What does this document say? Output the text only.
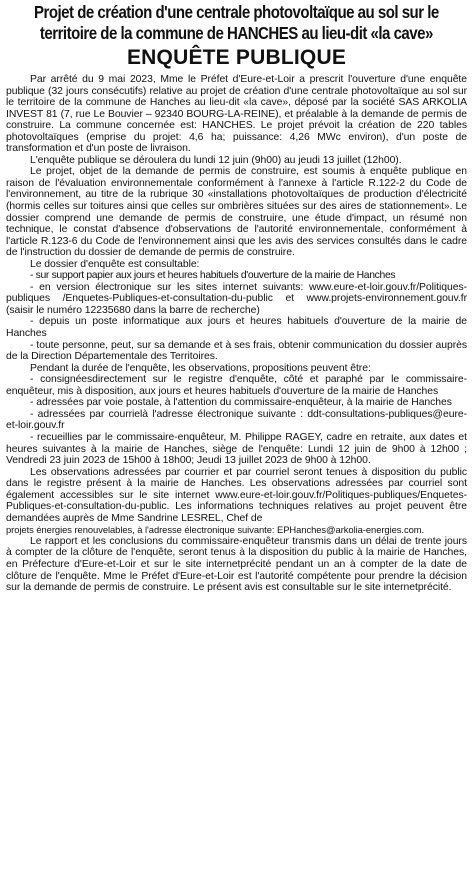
Projet de création d'une centrale photovoltaïque au sol sur le territoire de la commune de HANCHES au lieu-dit «la cave»
ENQUÊTE PUBLIQUE

Par arrêté du 9 mai 2023, Mme le Préfet d'Eure-et-Loir a prescrit l'ouverture d'une enquête publique (32 jours consécutifs) relative au projet de création d'une centrale photovoltaïque au sol sur le territoire de la commune de Hanches au lieu-dit «la cave», déposé par la société SAS ARKOLIA INVEST 81 (7, rue Le Bouvier – 92340 BOURG-LA-REINE), et préalable à la demande de permis de construire. La commune concernée est: HANCHES. Le projet prévoit la création de 220 tables photovoltaïques (emprise du projet: 4,6 ha; puissance: 4,26 MWc environ), d'un poste de transformation et d'un poste de livraison.

L'enquête publique se déroulera du lundi 12 juin (9h00) au jeudi 13 juillet (12h00).

Le projet, objet de la demande de permis de construire, est soumis à enquête publique en raison de l'évaluation environnementale conformément à l'annexe à l'article R.122-2 du Code de l'environnement, au titre de la rubrique 30 «installations photovoltaïques de production d'électricité (hormis celles sur toitures ainsi que celles sur ombrières situées sur des aires de stationnement». Le dossier comprend une demande de permis de construire, une étude d'impact, un résumé non technique, le constat d'absence d'observations de l'autorité environnementale, conformément à l'article R.123-6 du Code de l'environnement ainsi que les avis des services consultés dans le cadre de l'instruction du dossier de demande de permis de construire.

Le dossier d'enquête est consultable:

- sur support papier aux jours et heures habituels d'ouverture de la mairie de Hanches

- en version électronique sur les sites internet suivants: www.eure-et-loir.gouv.fr/Politiques-publiques /Enquetes-Publiques-et-consultation-du-public et www.projets-environnement.gouv.fr (saisir le numéro 12235680 dans la barre de recherche)

- depuis un poste informatique aux jours et heures habituels d'ouverture de la mairie de Hanches

- toute personne, peut, sur sa demande et à ses frais, obtenir communication du dossier auprès de la Direction Départementale des Territoires.

Pendant la durée de l'enquête, les observations, propositions peuvent être:

- consignéesdirectement sur le registre d'enquête, côté et paraphé par le commissaire-enquêteur, mis à disposition, aux jours et heures habituels d'ouverture de la mairie de Hanches

- adressées par voie postale, à l'attention du commissaire-enquêteur, à la mairie de Hanches

- adressées par courrielà l'adresse électronique suivante : ddt-consultations-publiques@eure-et-loir.gouv.fr

- recueillies par le commissaire-enquêteur, M. Philippe RAGEY, cadre en retraite, aux dates et heures suivantes à la mairie de Hanches, siège de l'enquête: Lundi 12 juin de 9h00 à 12h00 ; Vendredi 23 juin 2023 de 15h00 à 18h00; Jeudi 13 juillet 2023 de 9h00 à 12h00.

Les observations adressées par courrier et par courriel seront tenues à disposition du public dans le registre présent à la mairie de Hanches. Les observations adressées par courriel sont également accessibles sur le site internet www.eure-et-loir.gouv.fr/Politiques-publiques/Enquetes-Publiques-et-consultation-du-public. Les informations techniques relatives au projet peuvent être demandées auprès de Mme Sandrine LESREL, Chef de

projets énergies renouvelables, à l'adresse électronique suivante: EPHanches@arkolia-energies.com.

Le rapport et les conclusions du commissaire-enquêteur transmis dans un délai de trente jours à compter de la clôture de l'enquête, seront tenus à la disposition du public à la mairie de Hanches, en Préfecture d'Eure-et-Loir et sur le site internetprécité pendant un an à compter de la date de clôture de l'enquête. Mme le Préfet d'Eure-et-Loir est l'autorité compétente pour prendre la décision sur la demande de permis de construire. Le présent avis est consultable sur le site internetprécité.
